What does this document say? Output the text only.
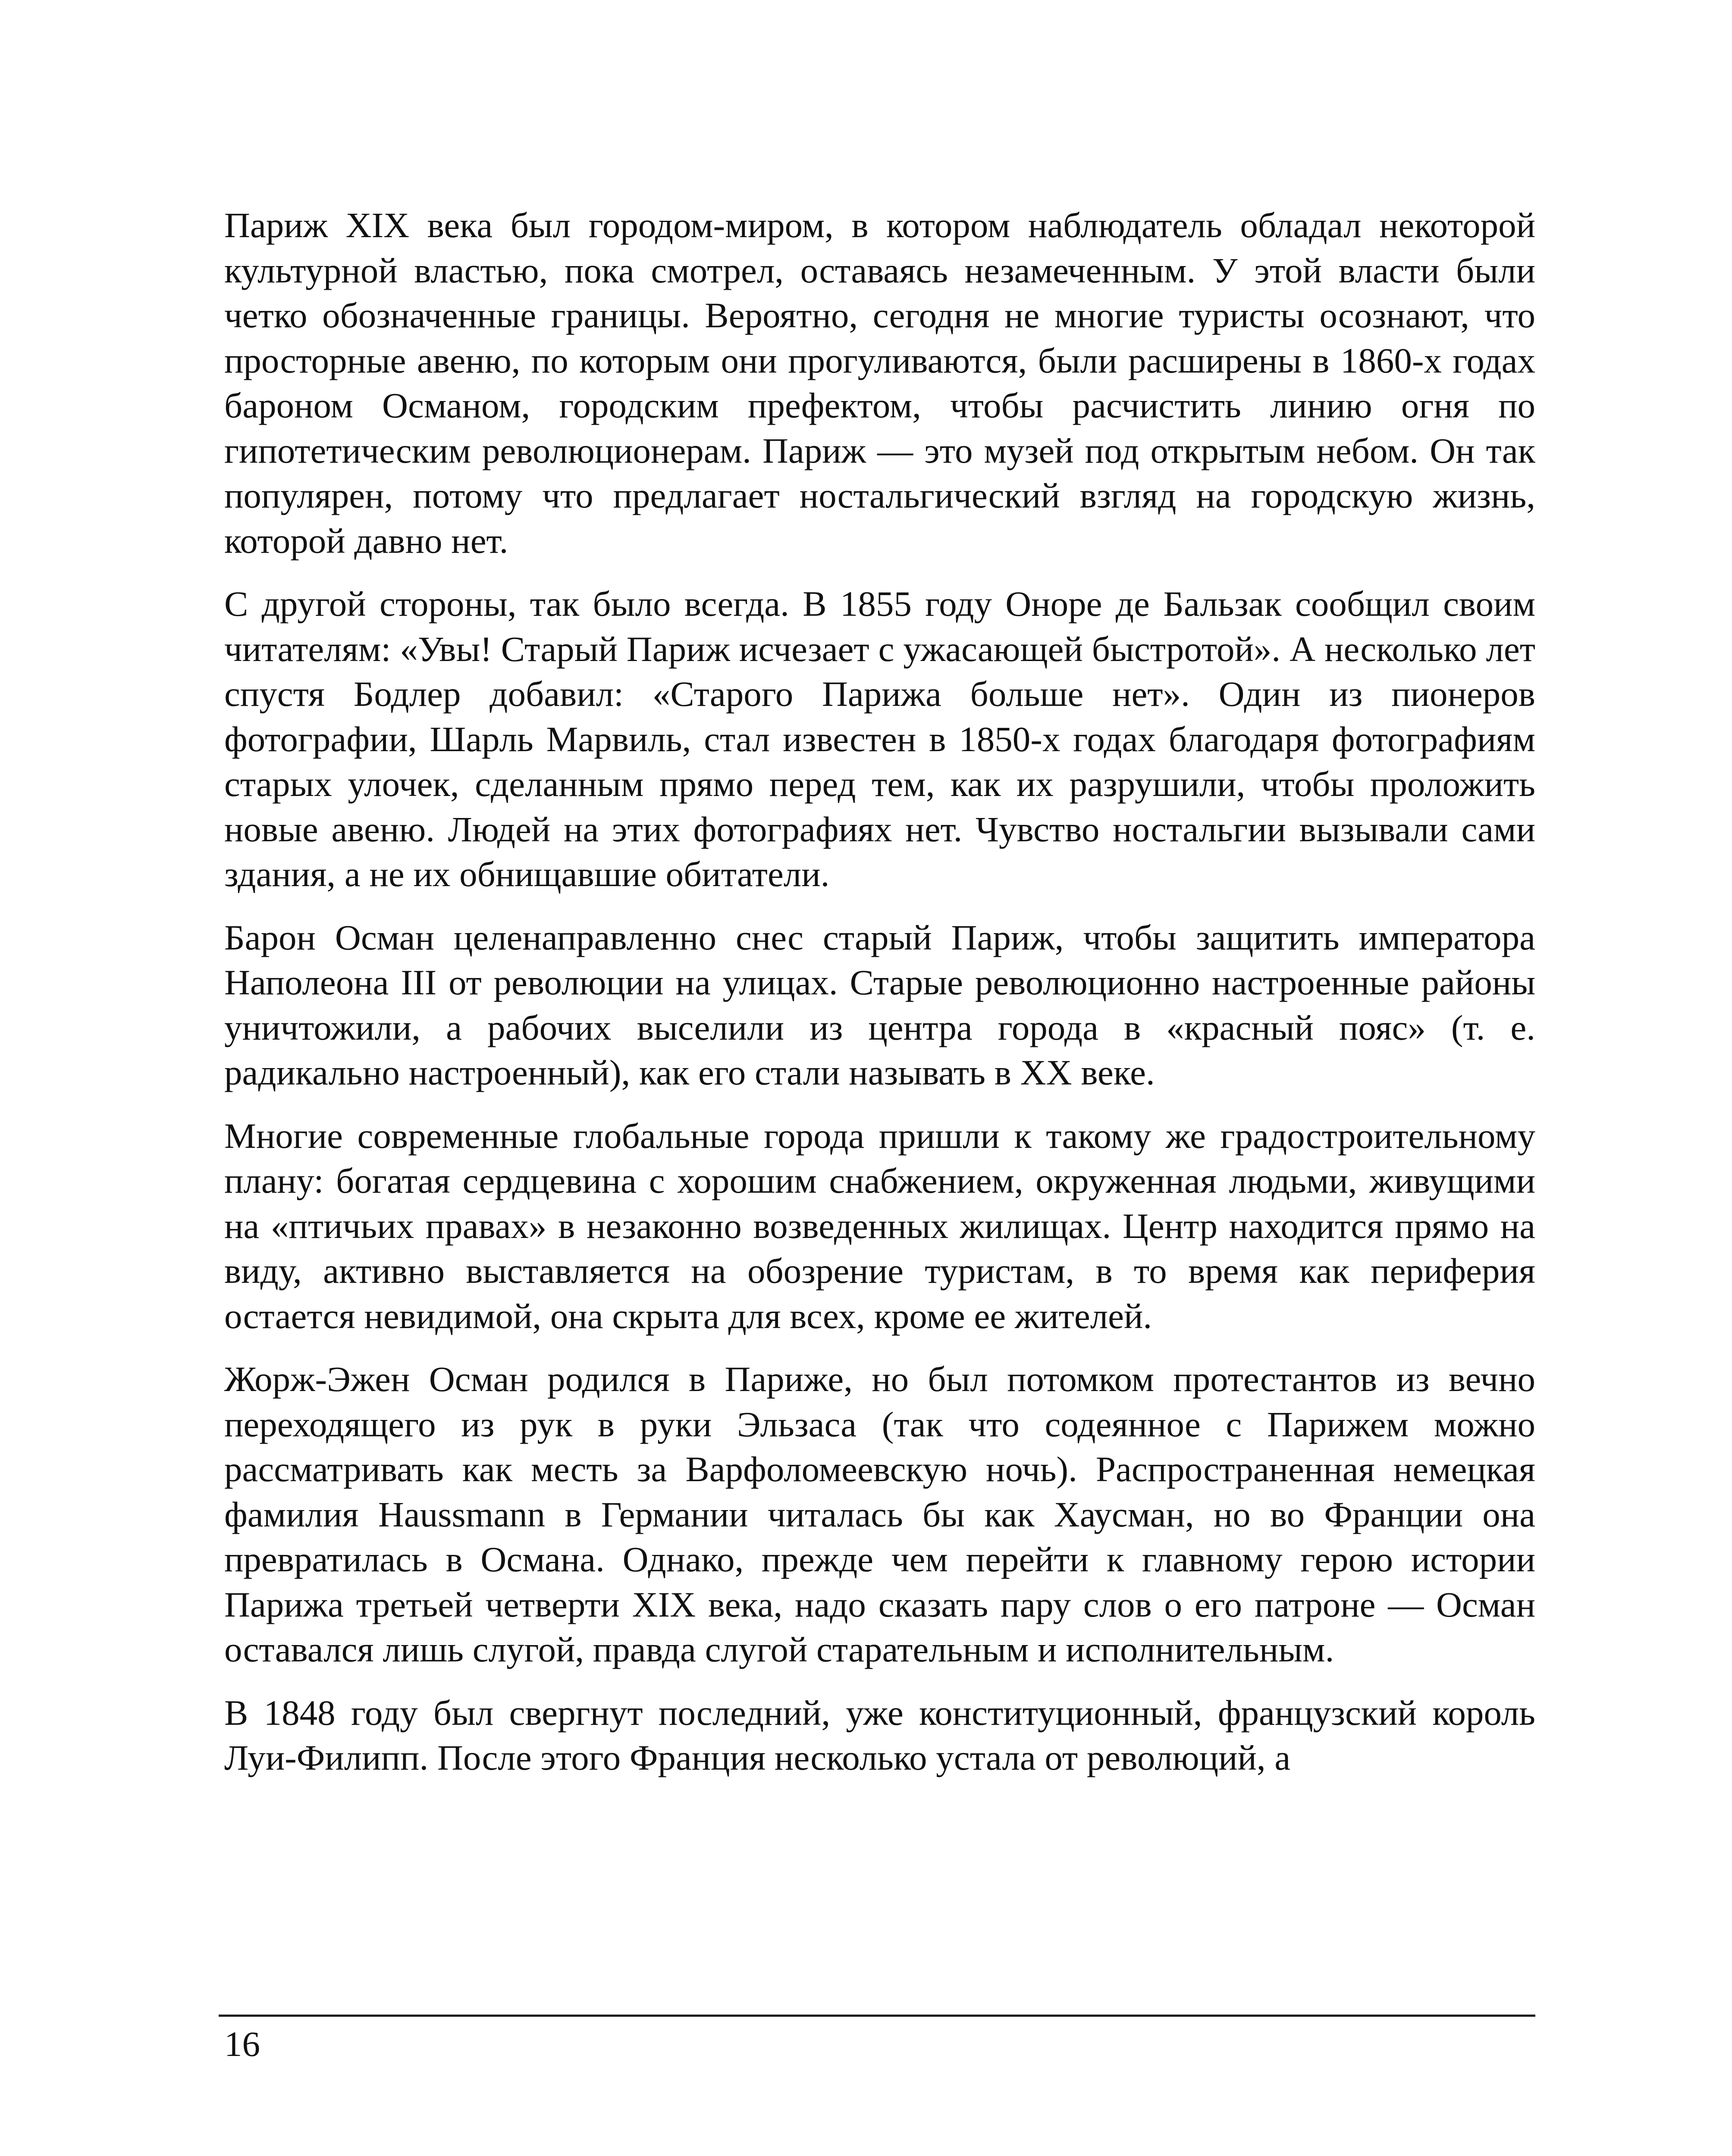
Париж XIX века был городом-миром, в котором наблюдатель обладал некоторой культурной властью, пока смотрел, оставаясь незамеченным. У этой власти были четко обозначенные границы. Вероятно, сегодня не многие туристы осознают, что просторные авеню, по которым они прогуливаются, были расширены в 1860-х годах бароном Османом, городским префектом, чтобы расчистить линию огня по гипотетическим революционерам. Париж — это музей под открытым небом. Он так популярен, потому что предлагает ностальгический взгляд на городскую жизнь, которой давно нет.

С другой стороны, так было всегда. В 1855 году Оноре де Бальзак сообщил своим читателям: «Увы! Старый Париж исчезает с ужасающей быстротой». А несколько лет спустя Бодлер добавил: «Старого Парижа больше нет». Один из пионеров фотографии, Шарль Марвиль, стал известен в 1850-х годах благодаря фотографиям старых улочек, сделанным прямо перед тем, как их разрушили, чтобы проложить новые авеню. Людей на этих фотографиях нет. Чувство ностальгии вызывали сами здания, а не их обнищавшие обитатели.

Барон Осман целенаправленно снес старый Париж, чтобы защитить императора Наполеона III от революции на улицах. Старые революционно настроенные районы уничтожили, а рабочих выселили из центра города в «красный пояс» (т. е. радикально настроенный), как его стали называть в XX веке.

Многие современные глобальные города пришли к такому же градостроительному плану: богатая сердцевина с хорошим снабжением, окруженная людьми, живущими на «птичьих правах» в незаконно возведенных жилищах. Центр находится прямо на виду, активно выставляется на обозрение туристам, в то время как периферия остается невидимой, она скрыта для всех, кроме ее жителей.

Жорж-Эжен Осман родился в Париже, но был потомком протестантов из вечно переходящего из рук в руки Эльзаса (так что содеянное с Парижем можно рассматривать как месть за Варфоломеевскую ночь). Распространенная немецкая фамилия Haussmann в Германии читалась бы как Хаусман, но во Франции она превратилась в Османа. Однако, прежде чем перейти к главному герою истории Парижа третьей четверти XIX века, надо сказать пару слов о его патроне — Осман оставался лишь слугой, правда слугой старательным и исполнительным.

В 1848 году был свергнут последний, уже конституционный, французский король Луи-Филипп. После этого Франция несколько устала от революций, а

16
